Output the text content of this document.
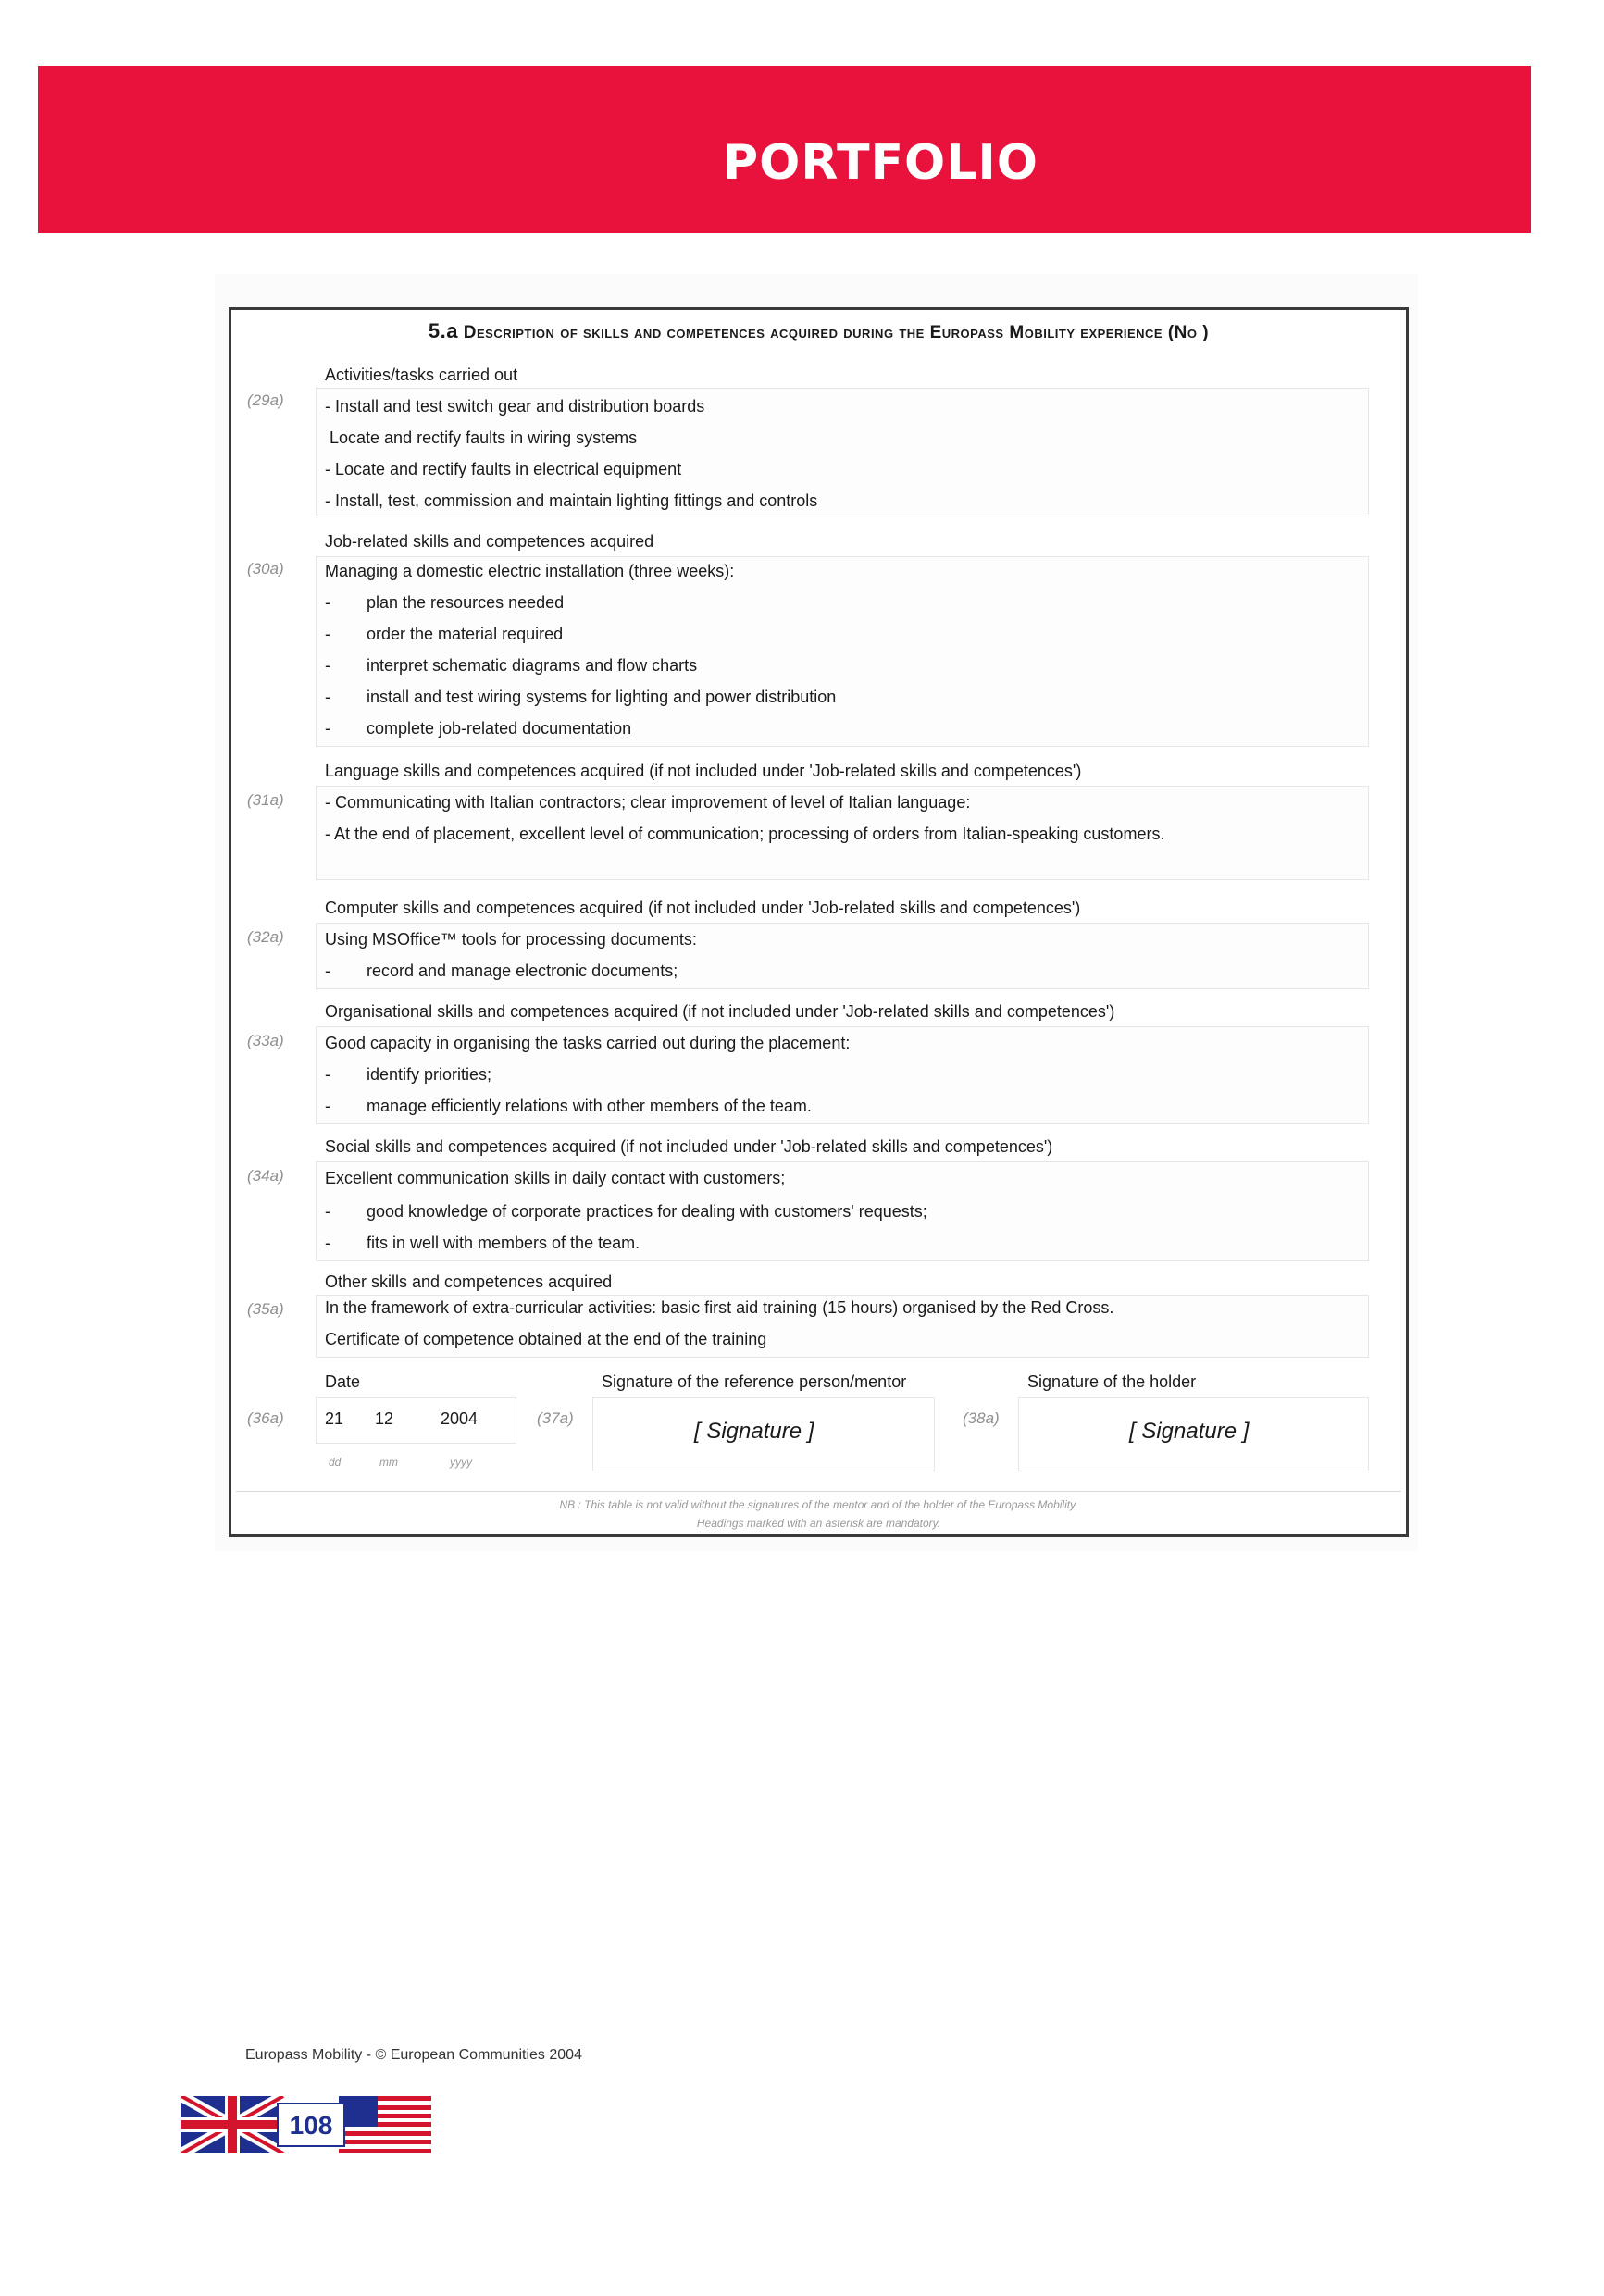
PORTFOLIO
5.a Description of skills and competences acquired during the Europass Mobility experience (No )
(29a)
Activities/tasks carried out
- Install and test switch gear and distribution boards
Locate and rectify faults in wiring systems
- Locate and rectify faults in electrical equipment
- Install, test, commission and maintain lighting fittings and controls
(30a)
Job-related skills and competences acquired
Managing a domestic electric installation (three weeks):
- plan the resources needed
- order the material required
- interpret schematic diagrams and flow charts
- install and test wiring systems for lighting and power distribution
- complete job-related documentation
(31a)
Language skills and competences acquired (if not included under 'Job-related skills and competences')
- Communicating with Italian contractors; clear improvement of level of Italian language:
- At the end of placement, excellent level of communication; processing of orders from Italian-speaking customers.
(32a)
Computer skills and competences acquired (if not included under 'Job-related skills and competences')
Using MSOffice™ tools for processing documents:
- record and manage electronic documents;
(33a)
Organisational skills and competences acquired (if not included under 'Job-related skills and competences')
Good capacity in organising the tasks carried out during the placement:
- identify priorities;
- manage efficiently relations with other members of the team.
(34a)
Social skills and competences acquired (if not included under 'Job-related skills and competences')
Excellent communication skills in daily contact with customers;
- good knowledge of corporate practices for dealing with customers' requests;
- fits in well with members of the team.
(35a)
Other skills and competences acquired
In the framework of extra-curricular activities: basic first aid training (15 hours) organised by the Red Cross.
Certificate of competence obtained at the end of the training
(36a)
Date
21 12	2004
dd	mm	yyyy
(37a)
Signature of the reference person/mentor
[ Signature ]
(38a)
Signature of the holder
[ Signature ]
NB : This table is not valid without the signatures of the mentor and of the holder of the Europass Mobility.
Headings marked with an asterisk are mandatory.
Europass Mobility - © European Communities 2004
108
